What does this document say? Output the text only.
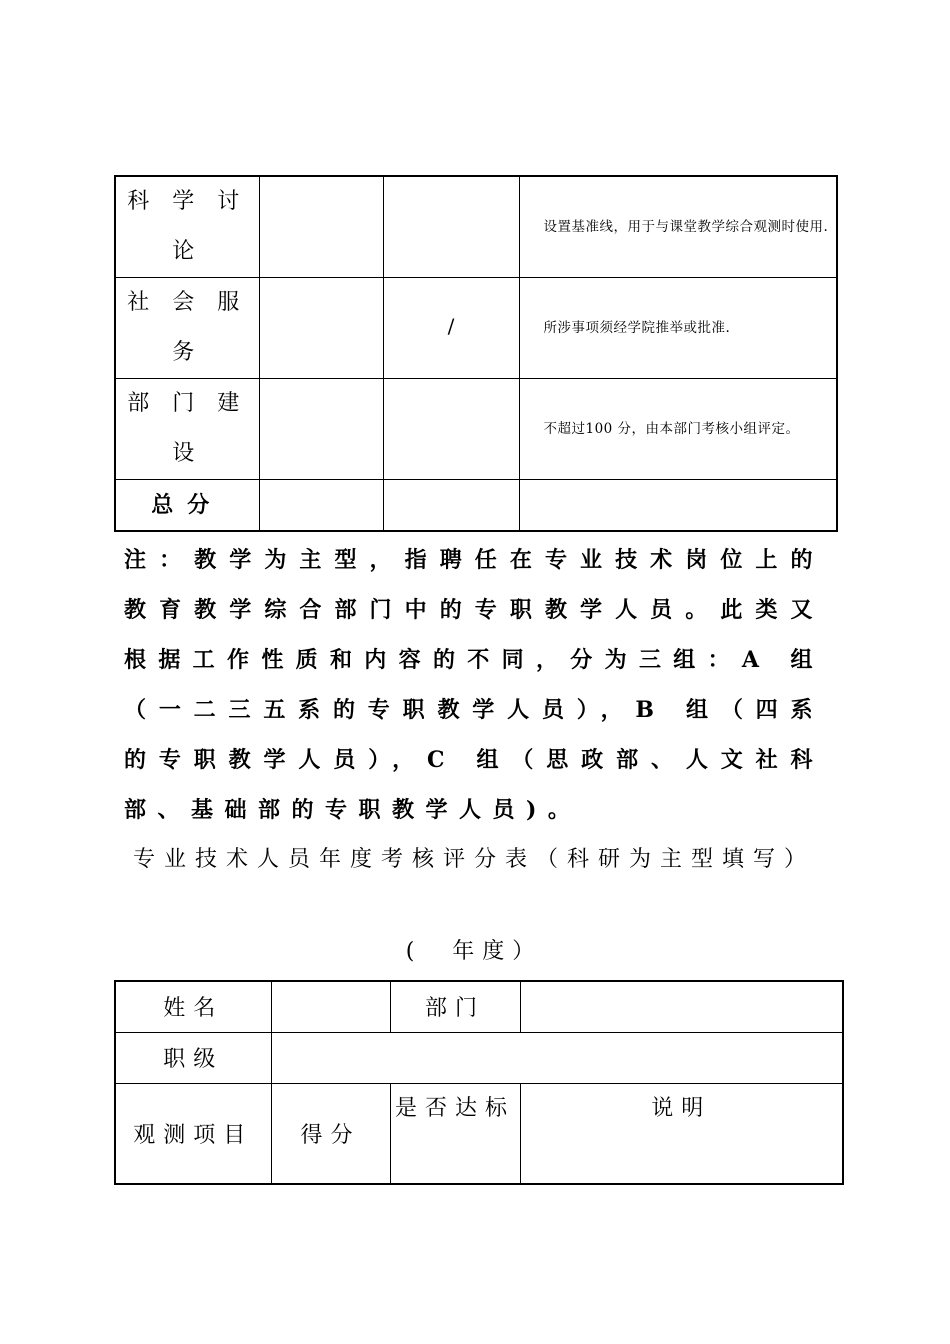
科 学 讨 论			设置基准线，用于与课堂教学综合观测时使用.
社 会 服 务		/	所涉事项须经学院推举或批准.
部 门 建 设			不超过100 分，由本部门考核小组评定。
总分			
注：教学为主型，指聘任在专业技术岗位上的教育教学综合部门中的专职教学人员。此类又根据工作性质和内容的不同，分为三组：A 组（一二三五系的专职教学人员），B 组（四系的专职教学人员），C 组（思政部、人文社科部、基础部的专职教学人员)。
专业技术人员年度考核评分表（科研为主型填写）
( 年度）
姓名		部门	
职级			
观测项目	得分	是否达标	说明
